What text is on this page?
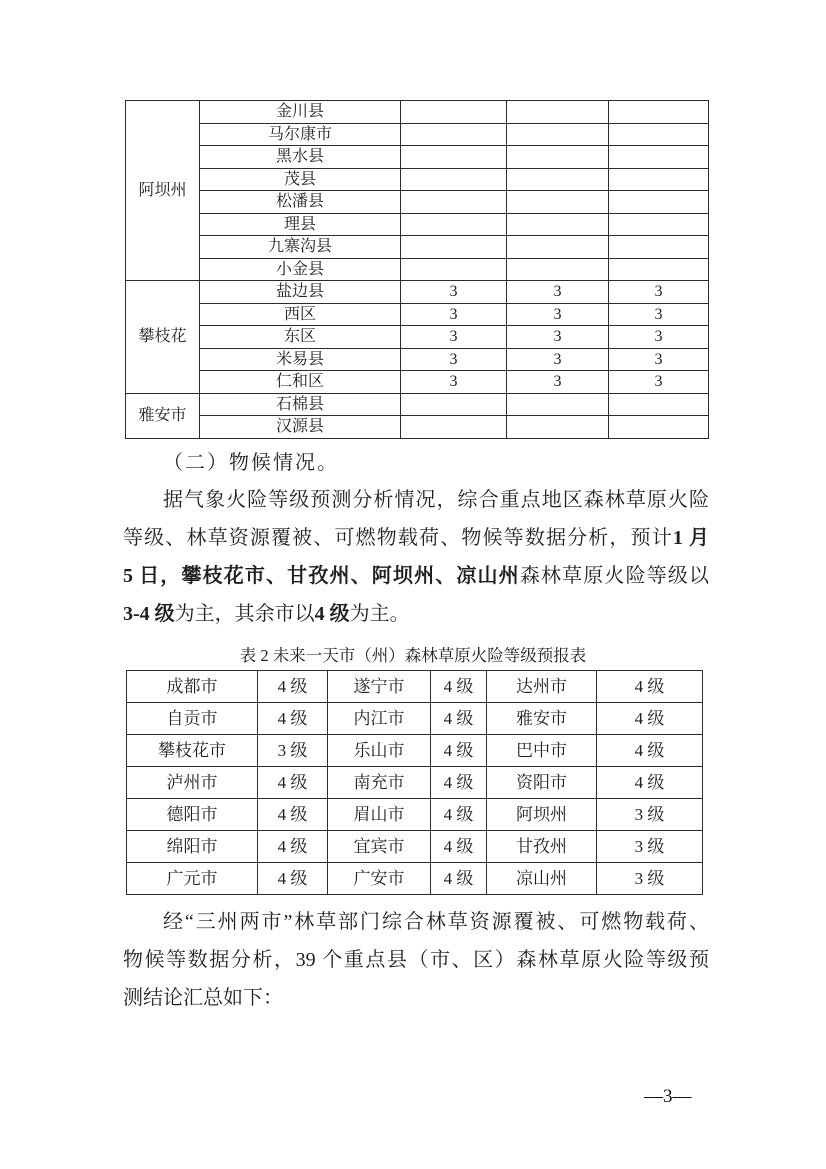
阿坝州	金川县			
	马尔康市			
	黑水县			
	茂县			
	松潘县			
	理县			
	九寨沟县			
	小金县			
攀枝花	盐边县	3	3	3
	西区	3	3	3
	东区	3	3	3
	米易县	3	3	3
	仁和区	3	3	3
雅安市	石棉县			
	汉源县			
（二）物候情况。
据气象火险等级预测分析情况，综合重点地区森林草原火险
等级、林草资源覆被、可燃物载荷、物候等数据分析，预计1 月
5 日，攀枝花市、甘孜州、阿坝州、凉山州森林草原火险等级以
3-4 级为主，其余市以4 级为主。
表 2 未来一天市（州）森林草原火险等级预报表
成都市	4 级	遂宁市	4 级	达州市	4 级
自贡市	4 级	内江市	4 级	雅安市	4 级
攀枝花市	3 级	乐山市	4 级	巴中市	4 级
泸州市	4 级	南充市	4 级	资阳市	4 级
德阳市	4 级	眉山市	4 级	阿坝州	3 级
绵阳市	4 级	宜宾市	4 级	甘孜州	3 级
广元市	4 级	广安市	4 级	凉山州	3 级
经“三州两市”林草部门综合林草资源覆被、可燃物载荷、
物候等数据分析，39 个重点县（市、区）森林草原火险等级预
测结论汇总如下：
—3—
